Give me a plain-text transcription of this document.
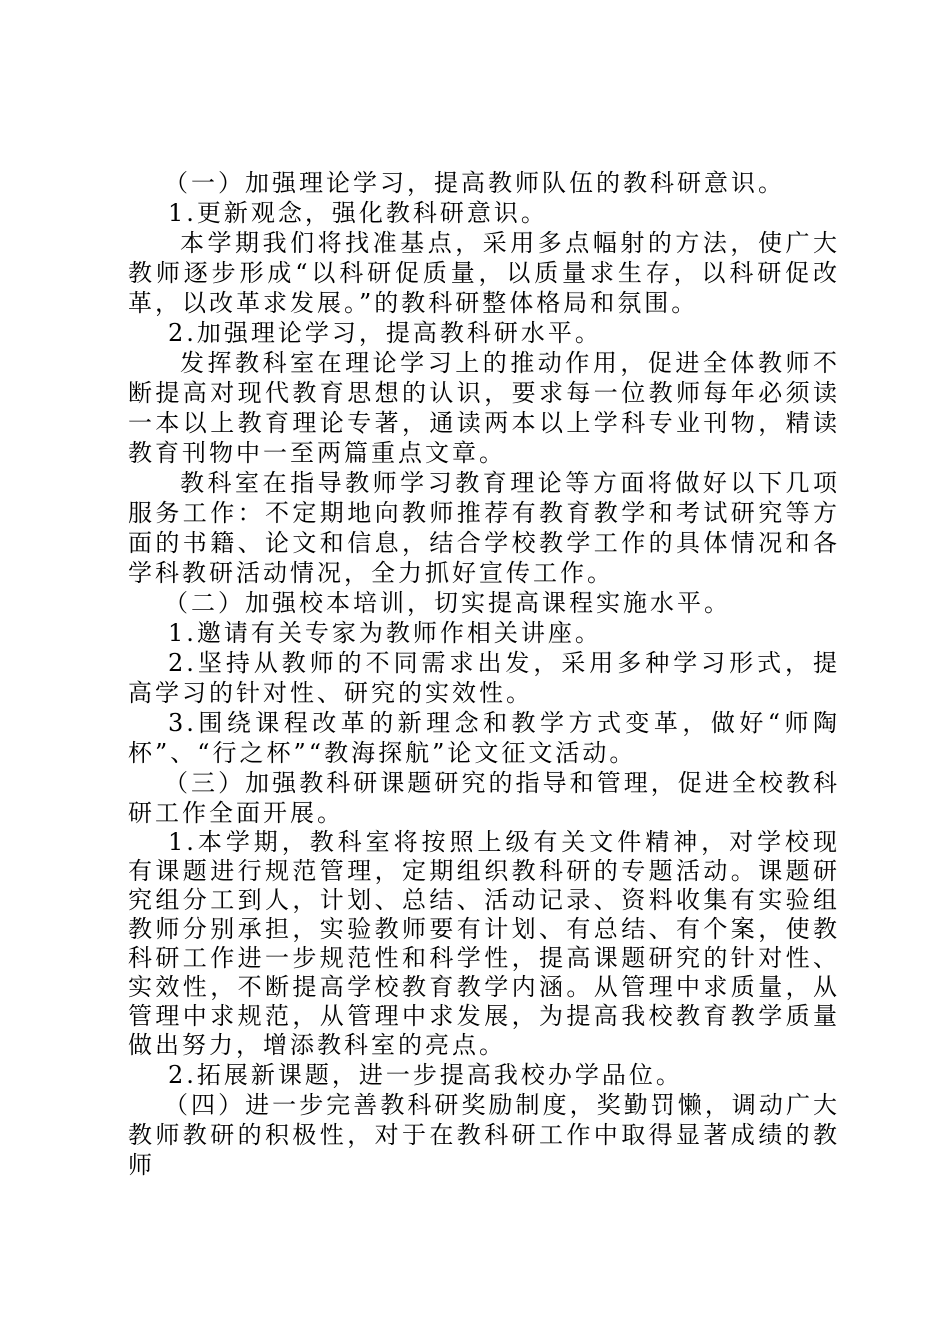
（一）加强理论学习，提高教师队伍的教科研意识。

1.更新观念，强化教科研意识。

本学期我们将找准基点，采用多点幅射的方法，使广大教师逐步形成“以科研促质量，以质量求生存，以科研促改革，以改革求发展。”的教科研整体格局和氛围。

2.加强理论学习，提高教科研水平。

发挥教科室在理论学习上的推动作用，促进全体教师不断提高对现代教育思想的认识，要求每一位教师每年必须读一本以上教育理论专著，通读两本以上学科专业刊物，精读教育刊物中一至两篇重点文章。

教科室在指导教师学习教育理论等方面将做好以下几项服务工作：不定期地向教师推荐有教育教学和考试研究等方面的书籍、论文和信息，结合学校教学工作的具体情况和各学科教研活动情况，全力抓好宣传工作。

（二）加强校本培训，切实提高课程实施水平。

1.邀请有关专家为教师作相关讲座。

2.坚持从教师的不同需求出发，采用多种学习形式，提高学习的针对性、研究的实效性。

3.围绕课程改革的新理念和教学方式变革，做好“师陶杯”、“行之杯”“教海探航”论文征文活动。

（三）加强教科研课题研究的指导和管理，促进全校教科研工作全面开展。

1.本学期，教科室将按照上级有关文件精神，对学校现有课题进行规范管理，定期组织教科研的专题活动。课题研究组分工到人，计划、总结、活动记录、资料收集有实验组教师分别承担，实验教师要有计划、有总结、有个案，使教科研工作进一步规范性和科学性，提高课题研究的针对性、实效性，不断提高学校教育教学内涵。从管理中求质量，从管理中求规范，从管理中求发展，为提高我校教育教学质量做出努力，增添教科室的亮点。

2.拓展新课题，进一步提高我校办学品位。

（四）进一步完善教科研奖励制度，奖勤罚懒，调动广大教师教研的积极性，对于在教科研工作中取得显著成绩的教师
